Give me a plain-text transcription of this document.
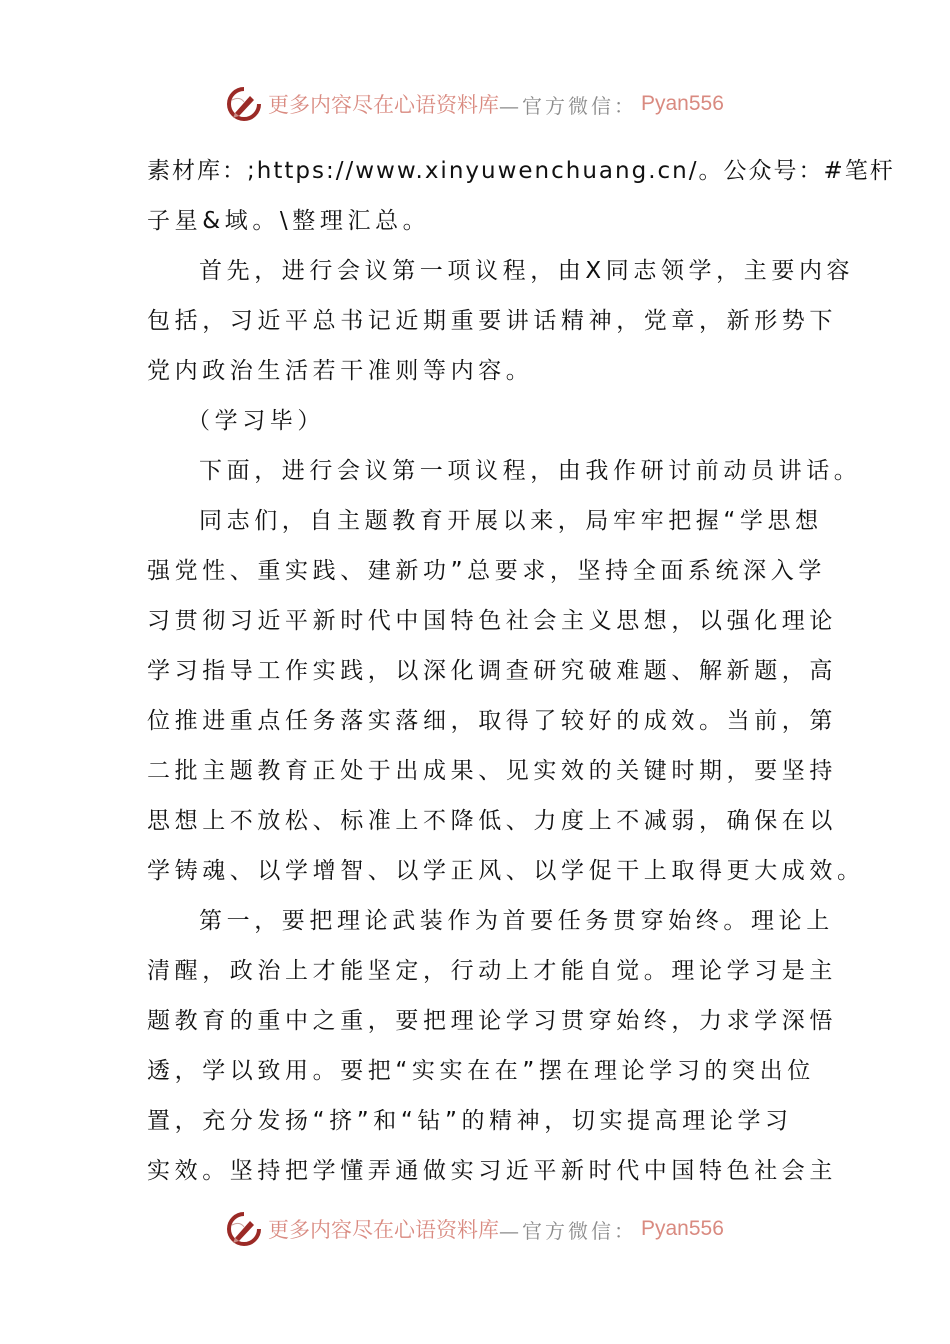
更多内容尽在心语资料库 —官方微信： Pyan556
素材库：;https://www.xinyuwenchuang.cn/。公众号：#笔杆
子星&域。\整理汇总。
首先，进行会议第一项议程，由X同志领学，主要内容
包括，习近平总书记近期重要讲话精神，党章，新形势下
党内政治生活若干准则等内容。
（学习毕）
下面，进行会议第一项议程，由我作研讨前动员讲话。
同志们，自主题教育开展以来，局牢牢把握“学思想
强党性、重实践、建新功”总要求，坚持全面系统深入学
习贯彻习近平新时代中国特色社会主义思想，以强化理论
学习指导工作实践，以深化调查研究破难题、解新题，高
位推进重点任务落实落细，取得了较好的成效。当前，第
二批主题教育正处于出成果、见实效的关键时期，要坚持
思想上不放松、标准上不降低、力度上不减弱，确保在以
学铸魂、以学增智、以学正风、以学促干上取得更大成效。
第一，要把理论武装作为首要任务贯穿始终。理论上
清醒，政治上才能坚定，行动上才能自觉。理论学习是主
题教育的重中之重，要把理论学习贯穿始终，力求学深悟
透，学以致用。要把“实实在在”摆在理论学习的突出位
置，充分发扬“挤”和“钻”的精神，切实提高理论学习
实效。坚持把学懂弄通做实习近平新时代中国特色社会主
更多内容尽在心语资料库 —官方微信： Pyan556
